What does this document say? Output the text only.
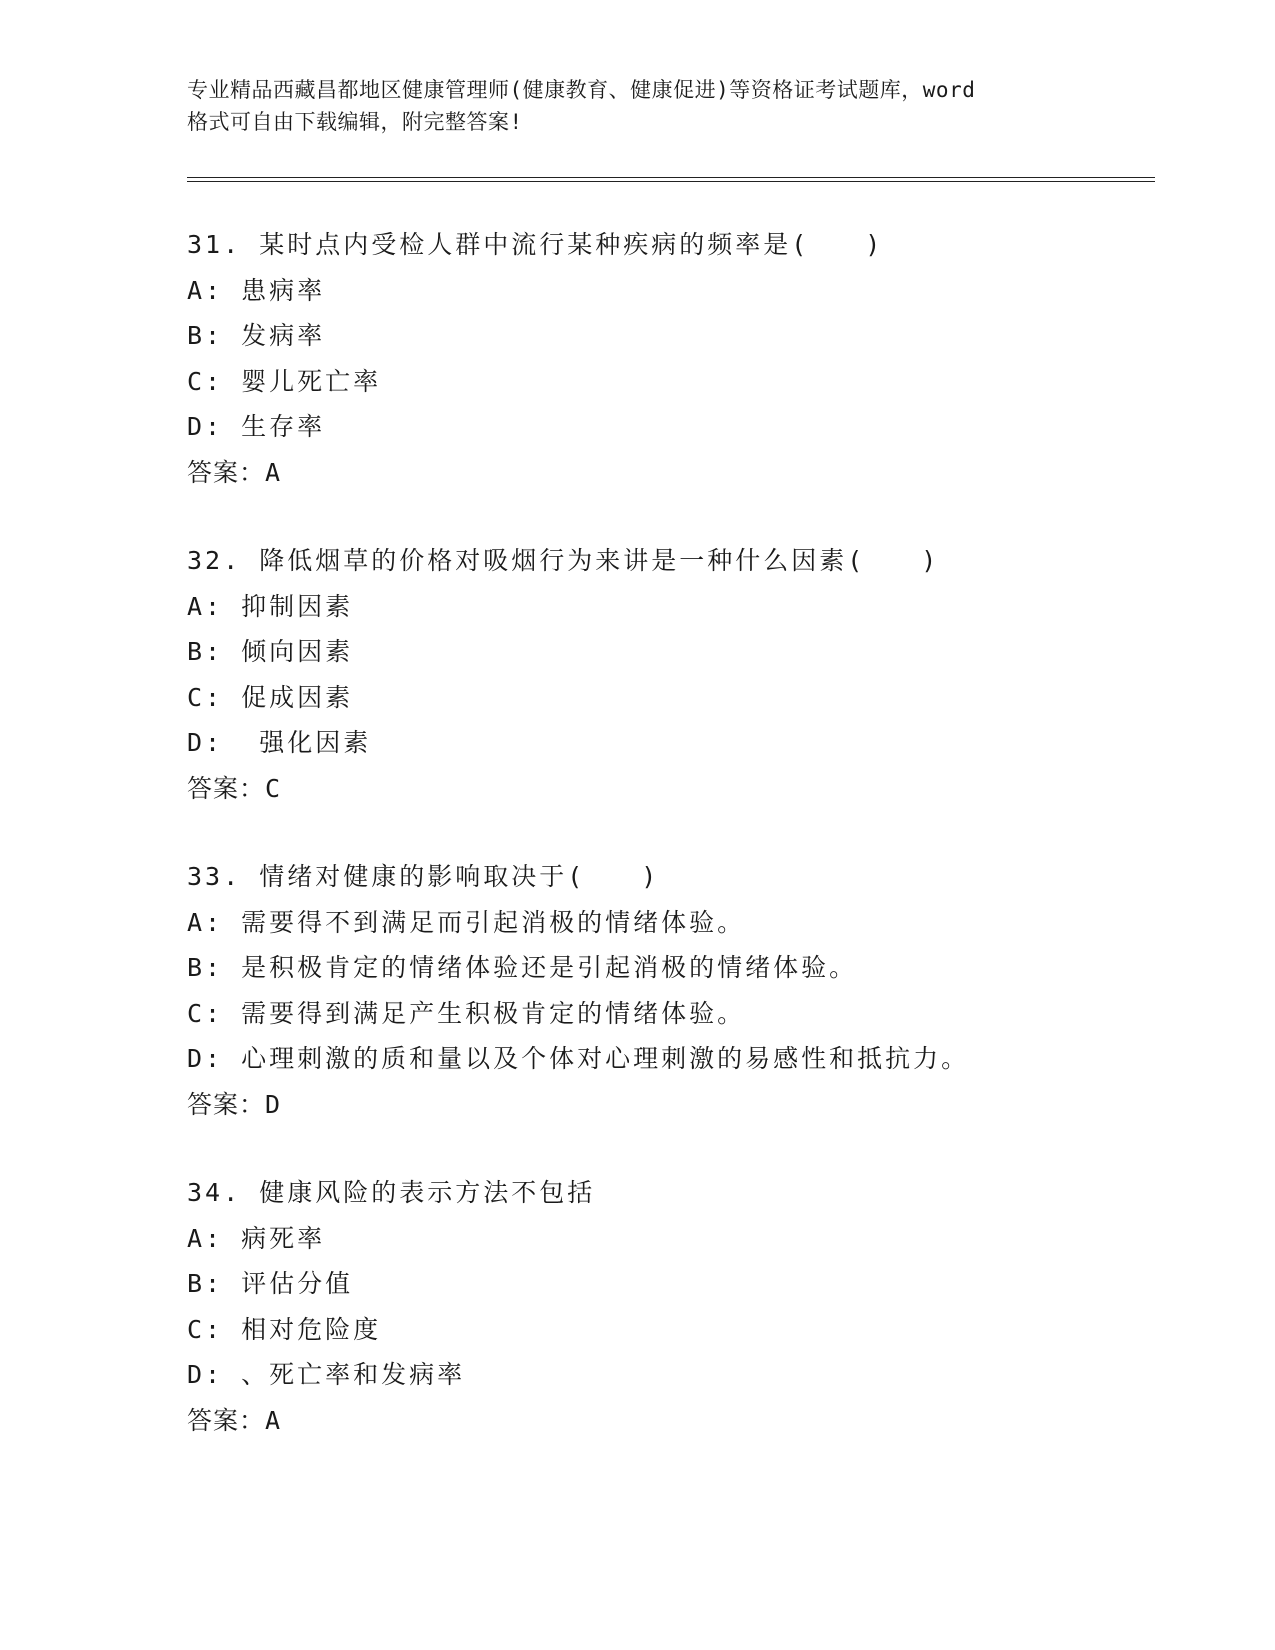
专业精品西藏昌都地区健康管理师(健康教育、健康促进)等资格证考试题库，word
格式可自由下载编辑，附完整答案!
31. 某时点内受检人群中流行某种疾病的频率是(　　)
A: 患病率
B: 发病率
C: 婴儿死亡率
D: 生存率
答案：A
32. 降低烟草的价格对吸烟行为来讲是一种什么因素(　　)
A: 抑制因素
B: 倾向因素
C: 促成因素
D:  强化因素
答案：C
33. 情绪对健康的影响取决于(　　)
A: 需要得不到满足而引起消极的情绪体验。
B: 是积极肯定的情绪体验还是引起消极的情绪体验。
C: 需要得到满足产生积极肯定的情绪体验。
D: 心理刺激的质和量以及个体对心理刺激的易感性和抵抗力。
答案：D
34. 健康风险的表示方法不包括
A: 病死率
B: 评估分值
C: 相对危险度
D: 、死亡率和发病率
答案：A
